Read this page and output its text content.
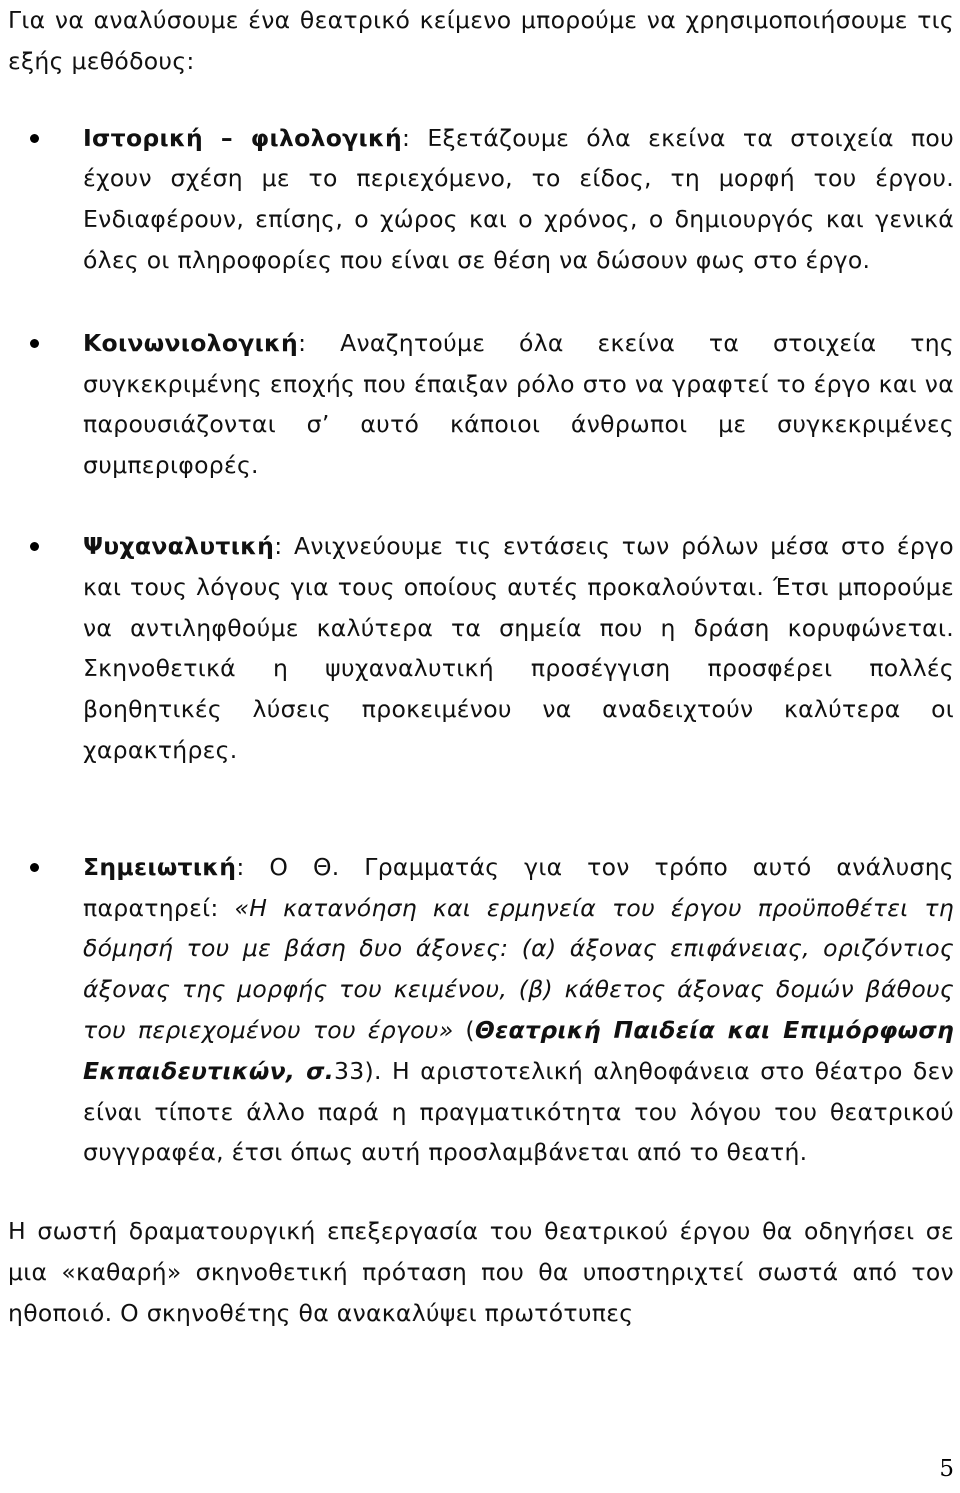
Για να αναλύσουμε ένα θεατρικό κείμενο μπορούμε να χρησιμοποιήσουμε τις εξής μεθόδους:

Ιστορική – φιλολογική: Εξετάζουμε όλα εκείνα τα στοιχεία που έχουν σχέση με το περιεχόμενο, το είδος, τη μορφή του έργου. Ενδιαφέρουν, επίσης, ο χώρος και ο χρόνος, ο δημιουργός και γενικά όλες οι πληροφορίες που είναι σε θέση να δώσουν φως στο έργο.
Κοινωνιολογική: Αναζητούμε όλα εκείνα τα στοιχεία της συγκεκριμένης εποχής που έπαιξαν ρόλο στο να γραφτεί το έργο και να παρουσιάζονται σ’ αυτό κάποιοι άνθρωποι με συγκεκριμένες συμπεριφορές.
Ψυχαναλυτική: Ανιχνεύουμε τις εντάσεις των ρόλων μέσα στο έργο και τους λόγους για τους οποίους αυτές προκαλούνται. Έτσι μπορούμε να αντιληφθούμε καλύτερα τα σημεία που η δράση κορυφώνεται. Σκηνοθετικά η ψυχαναλυτική προσέγγιση προσφέρει πολλές βοηθητικές λύσεις προκειμένου να αναδειχτούν καλύτερα οι χαρακτήρες.
Σημειωτική: Ο Θ. Γραμματάς για τον τρόπο αυτό ανάλυσης παρατηρεί: «Η κατανόηση και ερμηνεία του έργου προϋποθέτει τη δόμησή του με βάση δυο άξονες: (α) άξονας επιφάνειας, οριζόντιος άξονας της μορφής του κειμένου, (β) κάθετος άξονας δομών βάθους του περιεχομένου του έργου» (Θεατρική Παιδεία και Επιμόρφωση Εκπαιδευτικών, σ.33). Η αριστοτελική αληθοφάνεια στο θέατρο δεν είναι τίποτε άλλο παρά η πραγματικότητα του λόγου του θεατρικού συγγραφέα, έτσι όπως αυτή προσλαμβάνεται από το θεατή.

Η σωστή δραματουργική επεξεργασία του θεατρικού έργου θα οδηγήσει σε μια «καθαρή» σκηνοθετική πρόταση που θα υποστηριχτεί σωστά από τον ηθοποιό. Ο σκηνοθέτης θα ανακαλύψει πρωτότυπες

5
